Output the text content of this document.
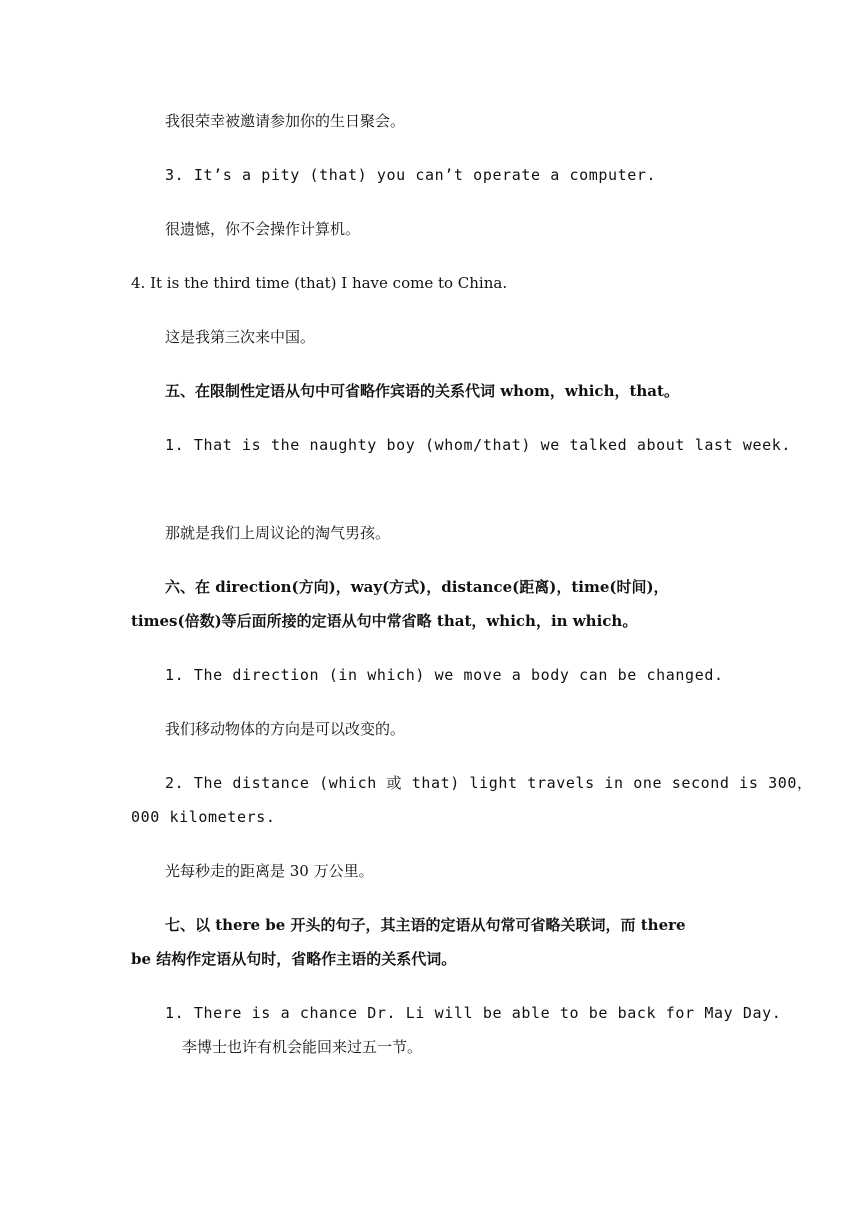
我很荣幸被邀请参加你的生日聚会。
3. It’s a pity (that) you can’t operate a computer.
很遗憾，你不会操作计算机。
4. It is the third time (that) I have come to China.
这是我第三次来中国。
五、在限制性定语从句中可省略作宾语的关系代词 whom，which，that。
1. That is the naughty boy (whom/that) we talked about last week.
那就是我们上周议论的淘气男孩。
六、在 direction(方向)，way(方式)，distance(距离)，time(时间)，
times(倍数)等后面所接的定语从句中常省略 that，which，in which。
1. The direction (in which) we move a body can be changed.
我们移动物体的方向是可以改变的。
2. The distance (which 或 that) light travels in one second is 300，
000 kilometers.
光每秒走的距离是 30 万公里。
七、以 there be 开头的句子，其主语的定语从句常可省略关联词，而 there
be 结构作定语从句时，省略作主语的关系代词。
1. There is a chance Dr. Li will be able to be back for May Day.
李博士也许有机会能回来过五一节。
